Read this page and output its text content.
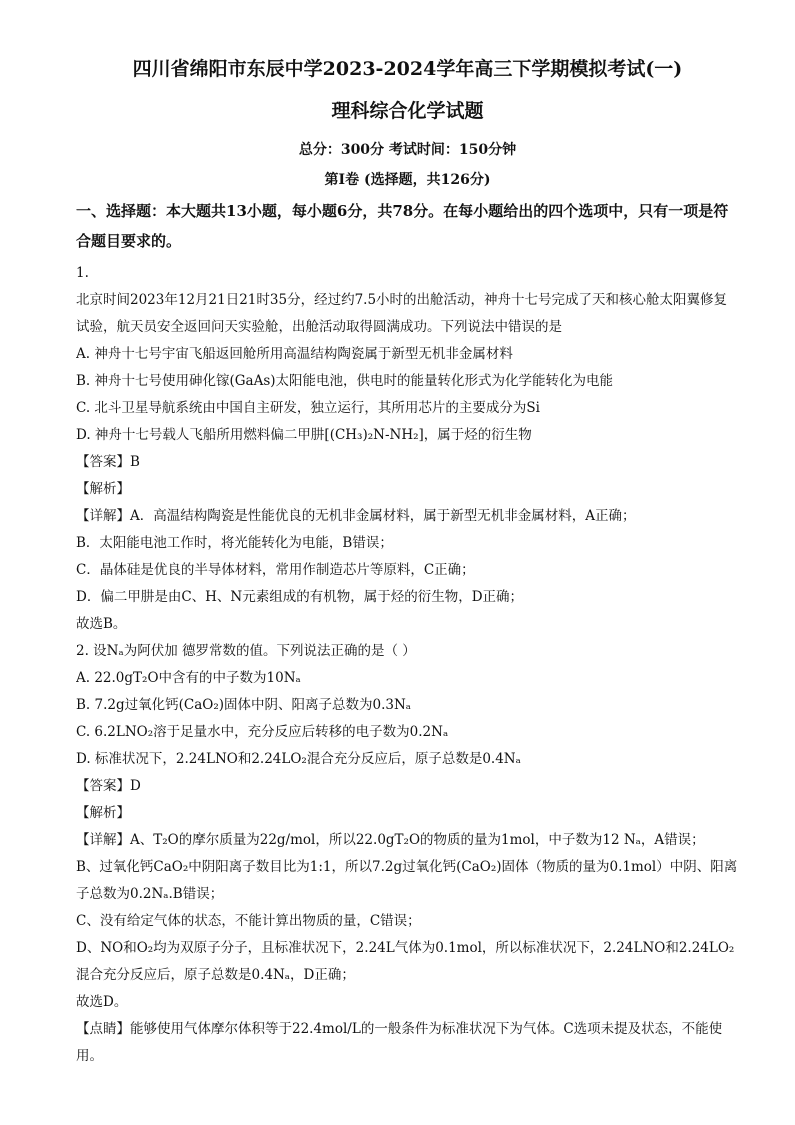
四川省绵阳市东辰中学2023-2024学年高三下学期模拟考试(一)

理科综合化学试题

总分：300分 考试时间：150分钟

第Ⅰ卷 (选择题，共126分)

一、选择题：本大题共13小题，每小题6分，共78分。在每小题给出的四个选项中，只有一项是符合题目要求的。

1.

北京时间2023年12月21日21时35分，经过约7.5小时的出舱活动，神舟十七号完成了天和核心舱太阳翼修复试验，航天员安全返回问天实验舱，出舱活动取得圆满成功。下列说法中错误的是

A. 神舟十七号宇宙飞船返回舱所用高温结构陶瓷属于新型无机非金属材料

B. 神舟十七号使用砷化镓(GaAs)太阳能电池，供电时的能量转化形式为化学能转化为电能

C. 北斗卫星导航系统由中国自主研发，独立运行，其所用芯片的主要成分为Si

D. 神舟十七号载人飞船所用燃料偏二甲肼[(CH₃)₂N-NH₂]，属于烃的衍生物

【答案】B

【解析】

【详解】A．高温结构陶瓷是性能优良的无机非金属材料，属于新型无机非金属材料，A正确；

B．太阳能电池工作时，将光能转化为电能，B错误；

C．晶体硅是优良的半导体材料，常用作制造芯片等原料，C正确；

D．偏二甲肼是由C、H、N元素组成的有机物，属于烃的衍生物，D正确；

故选B。

2. 设Nₐ为阿伏加 德罗常数的值。下列说法正确的是（ ）

A. 22.0gT₂O中含有的中子数为10Nₐ

B. 7.2g过氧化钙(CaO₂)固体中阴、阳离子总数为0.3Nₐ

C. 6.2LNO₂溶于足量水中，充分反应后转移的电子数为0.2Nₐ

D. 标准状况下，2.24LNO和2.24LO₂混合充分反应后，原子总数是0.4Nₐ

【答案】D

【解析】

【详解】A、T₂O的摩尔质量为22g/mol，所以22.0gT₂O的物质的量为1mol，中子数为12 Nₐ，A错误；

B、过氧化钙CaO₂中阴阳离子数目比为1:1，所以7.2g过氧化钙(CaO₂)固体（物质的量为0.1mol）中阴、阳离子总数为0.2Nₐ.B错误；

C、没有给定气体的状态，不能计算出物质的量，C错误；

D、NO和O₂均为双原子分子，且标准状况下，2.24L气体为0.1mol，所以标准状况下，2.24LNO和2.24LO₂混合充分反应后，原子总数是0.4Nₐ，D正确；

故选D。

【点睛】能够使用气体摩尔体积等于22.4mol/L的一般条件为标准状况下为气体。C选项未提及状态，不能使用。
